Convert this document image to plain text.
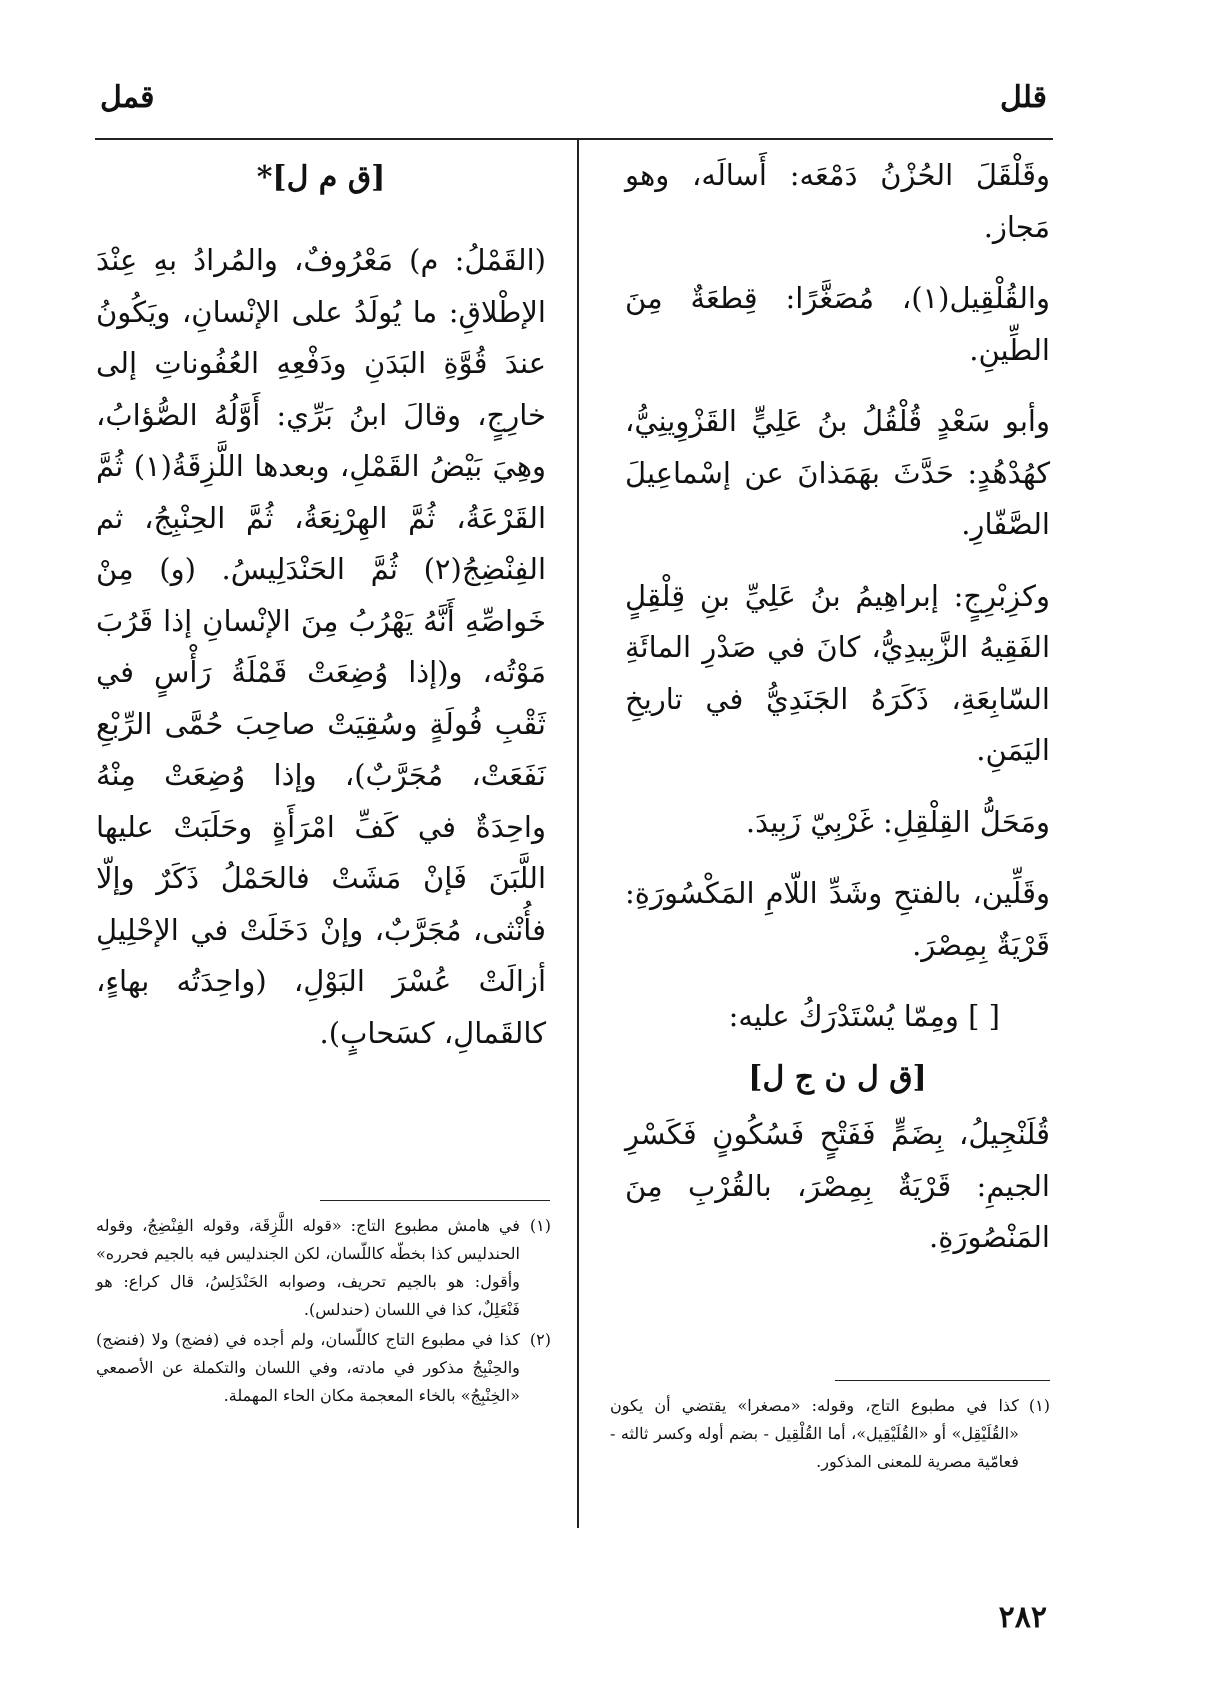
قلل
قمل
وقَلْقَلَ الحُزْنُ دَمْعَه: أَسالَه، وهو مَجاز.
والقُلْقِيل(١)، مُصَغَّرًا: قِطعَةٌ مِنَ الطِّينِ.
وأبو سَعْدٍ قُلْقُلُ بنُ عَلِيٍّ القَزْوِينِيُّ، كهُدْهُدٍ: حَدَّثَ بهَمَذانَ عن إسْماعِيلَ الصَّفّارِ.
وكزِبْرِجٍ: إبراهِيمُ بنُ عَلِيِّ بنِ قِلْقِلٍ الفَقِيهُ الزَّبِيدِيُّ، كانَ في صَدْرِ المائَةِ السّابِعَةِ، ذَكَرَهُ الجَنَدِيُّ في تاريخِ اليَمَنِ.
ومَحَلُّ القِلْقِلِ: غَرْبِيّ زَبِيدَ.
وقَلِّين، بالفتحِ وشَدِّ اللّامِ المَكْسُورَةِ: قَرْيَةٌ بِمِصْرَ.
[ ] ومِمّا يُسْتَدْرَكُ عليه:
[ق ل ن ج ل]
قُلَنْجِيلُ، بِضَمٍّ فَفَتْحٍ فَسُكُونٍ فَكَسْرِ الجيمِ: قَرْيَةٌ بِمِصْرَ، بالقُرْبِ مِنَ المَنْصُورَةِ.
[ق م ل]*
(القَمْلُ: م) مَعْرُوفٌ، والمُرادُ بهِ عِنْدَ الإطْلاقِ: ما يُولَدُ على الإنْسانِ، ويَكُونُ عندَ قُوَّةِ البَدَنِ ودَفْعِهِ العُفُوناتِ إلى خارِجٍ، وقالَ ابنُ بَرِّي: أَوَّلُهُ الصُّؤابُ، وهِيَ بَيْضُ القَمْلِ، وبعدها اللَّزِقَةُ(١) ثُمَّ القَرْعَةُ، ثُمَّ الهِرْنِعَةُ، ثُمَّ الحِنْبِجُ، ثم الفِنْضِجُ(٢) ثُمَّ الحَنْدَلِيسُ. (و) مِنْ خَواصِّهِ أَنَّهُ يَهْرُبُ مِنَ الإنْسانِ إذا قَرُبَ مَوْتُه، و(إذا وُضِعَتْ قَمْلَةُ رَأْسٍ في ثَقْبِ فُولَةٍ وسُقِيَتْ صاحِبَ حُمَّى الرِّبْعِ نَفَعَتْ، مُجَرَّبٌ)، وإذا وُضِعَتْ مِنْهُ واحِدَةٌ في كَفِّ امْرَأَةٍ وحَلَبَتْ عليها اللَّبَنَ فَإنْ مَشَتْ فالحَمْلُ ذَكَرٌ وإلّا فأُنْثى، مُجَرَّبٌ، وإنْ دَخَلَتْ في الإحْلِيلِ أزالَتْ عُسْرَ البَوْلِ، (واحِدَتُه بهاءٍ، كالقَمالِ، كسَحابٍ).
(١)
في هامش مطبوع التاج: «قوله اللَّزِقَة، وقوله الفِنْضِجُ، وقوله الحندليس كذا بخطّه كاللّسان، لكن الجندليس فيه بالجيم فحرره» وأقول: هو بالجيم تحريف، وصوابه الحَنْدَلِسُ، قال كراع: هو فَنْعَلِلٌ، كذا في اللسان (حندلس).
(٢)
كذا في مطبوع التاج كاللّسان، ولم أجده في (فضج) ولا (فنضج) والحِنْبِجُ مذكور في مادته، وفي اللسان والتكملة عن الأصمعي «الخِنْبِجُ» بالخاء المعجمة مكان الحاء المهملة.
(١)
كذا في مطبوع التاج، وقوله: «مصغرا» يقتضي أن يكون «القُلَيْقِل» أو «القُلَيْقِيل»، أما القُلْقِيل - بضم أوله وكسر ثالثه - فعامّية مصرية للمعنى المذكور.
٢٨٢
